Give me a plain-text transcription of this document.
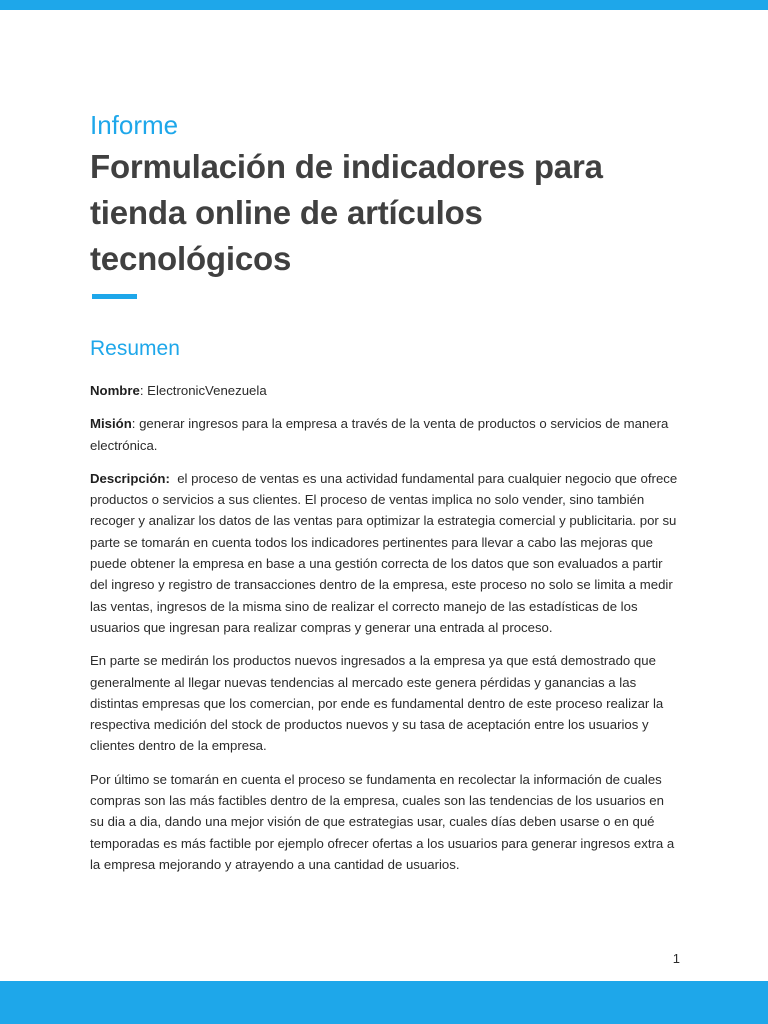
Informe
Formulación de indicadores para tienda online de artículos tecnológicos
Resumen

Nombre: ElectronicVenezuela

Misión: generar ingresos para la empresa a través de la venta de productos o servicios de manera electrónica.

Descripción: el proceso de ventas es una actividad fundamental para cualquier negocio que ofrece productos o servicios a sus clientes. El proceso de ventas implica no solo vender, sino también recoger y analizar los datos de las ventas para optimizar la estrategia comercial y publicitaria. por su parte se tomarán en cuenta todos los indicadores pertinentes para llevar a cabo las mejoras que puede obtener la empresa en base a una gestión correcta de los datos que son evaluados a partir del ingreso y registro de transacciones dentro de la empresa, este proceso no solo se limita a medir las ventas, ingresos de la misma sino de realizar el correcto manejo de las estadísticas de los usuarios que ingresan para realizar compras y generar una entrada al proceso.

En parte se medirán los productos nuevos ingresados a la empresa ya que está demostrado que generalmente al llegar nuevas tendencias al mercado este genera pérdidas y ganancias a las distintas empresas que los comercian, por ende es fundamental dentro de este proceso realizar la respectiva medición del stock de productos nuevos y su tasa de aceptación entre los usuarios y clientes dentro de la empresa.

Por último se tomarán en cuenta el proceso se fundamenta en recolectar la información de cuales compras son las más factibles dentro de la empresa, cuales son las tendencias de los usuarios en su dia a dia, dando una mejor visión de que estrategias usar, cuales días deben usarse o en qué temporadas es más factible por ejemplo ofrecer ofertas a los usuarios para generar ingresos extra a la empresa mejorando y atrayendo a una cantidad de usuarios.

1
